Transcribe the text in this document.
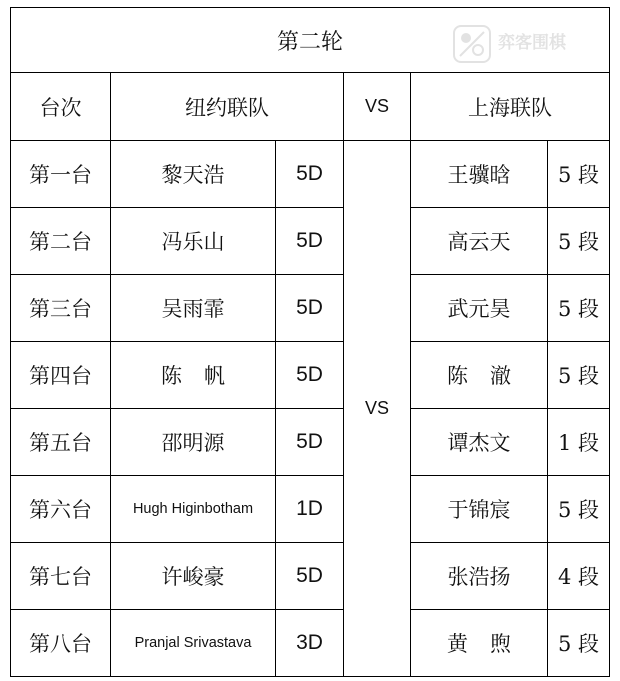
第二轮					
台次	纽约联队		VS	上海联队	
第一台	黎天浩	5D	VS	王骥晗	5 段
第二台	冯乐山	5D		高云天	5 段
第三台	吴雨霏	5D		武元昊	5 段
第四台	陈帆	5D		陈澈	5 段
第五台	邵明源	5D		谭杰文	1 段
第六台	Hugh Higinbotham	1D		于锦宸	5 段
第七台	许峻豪	5D		张浩扬	4 段
第八台	Pranjal Srivastava	3D		黄煦	5 段
弈客围棋
